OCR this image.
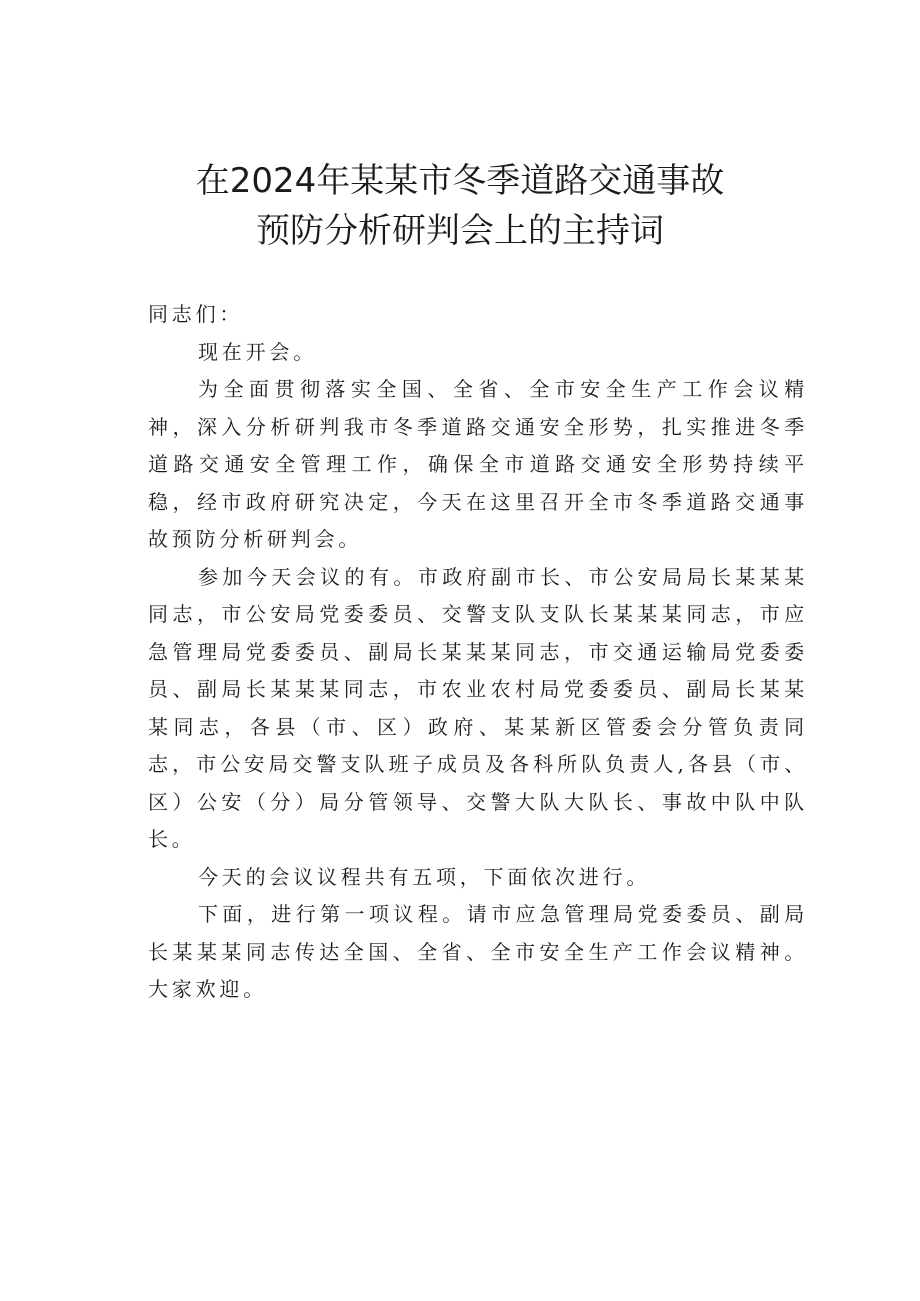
在2024年某某市冬季道路交通事故
预防分析研判会上的主持词

同志们：

现在开会。

为全面贯彻落实全国、全省、全市安全生产工作会议精神，深入分析研判我市冬季道路交通安全形势，扎实推进冬季道路交通安全管理工作，确保全市道路交通安全形势持续平稳，经市政府研究决定，今天在这里召开全市冬季道路交通事故预防分析研判会。

参加今天会议的有。市政府副市长、市公安局局长某某某同志，市公安局党委委员、交警支队支队长某某某同志，市应急管理局党委委员、副局长某某某同志，市交通运输局党委委员、副局长某某某同志，市农业农村局党委委员、副局长某某某同志，各县（市、区）政府、某某新区管委会分管负责同志，市公安局交警支队班子成员及各科所队负责人,各县（市、区）公安（分）局分管领导、交警大队大队长、事故中队中队长。

今天的会议议程共有五项，下面依次进行。

下面，进行第一项议程。请市应急管理局党委委员、副局长某某某同志传达全国、全省、全市安全生产工作会议精神。大家欢迎。
